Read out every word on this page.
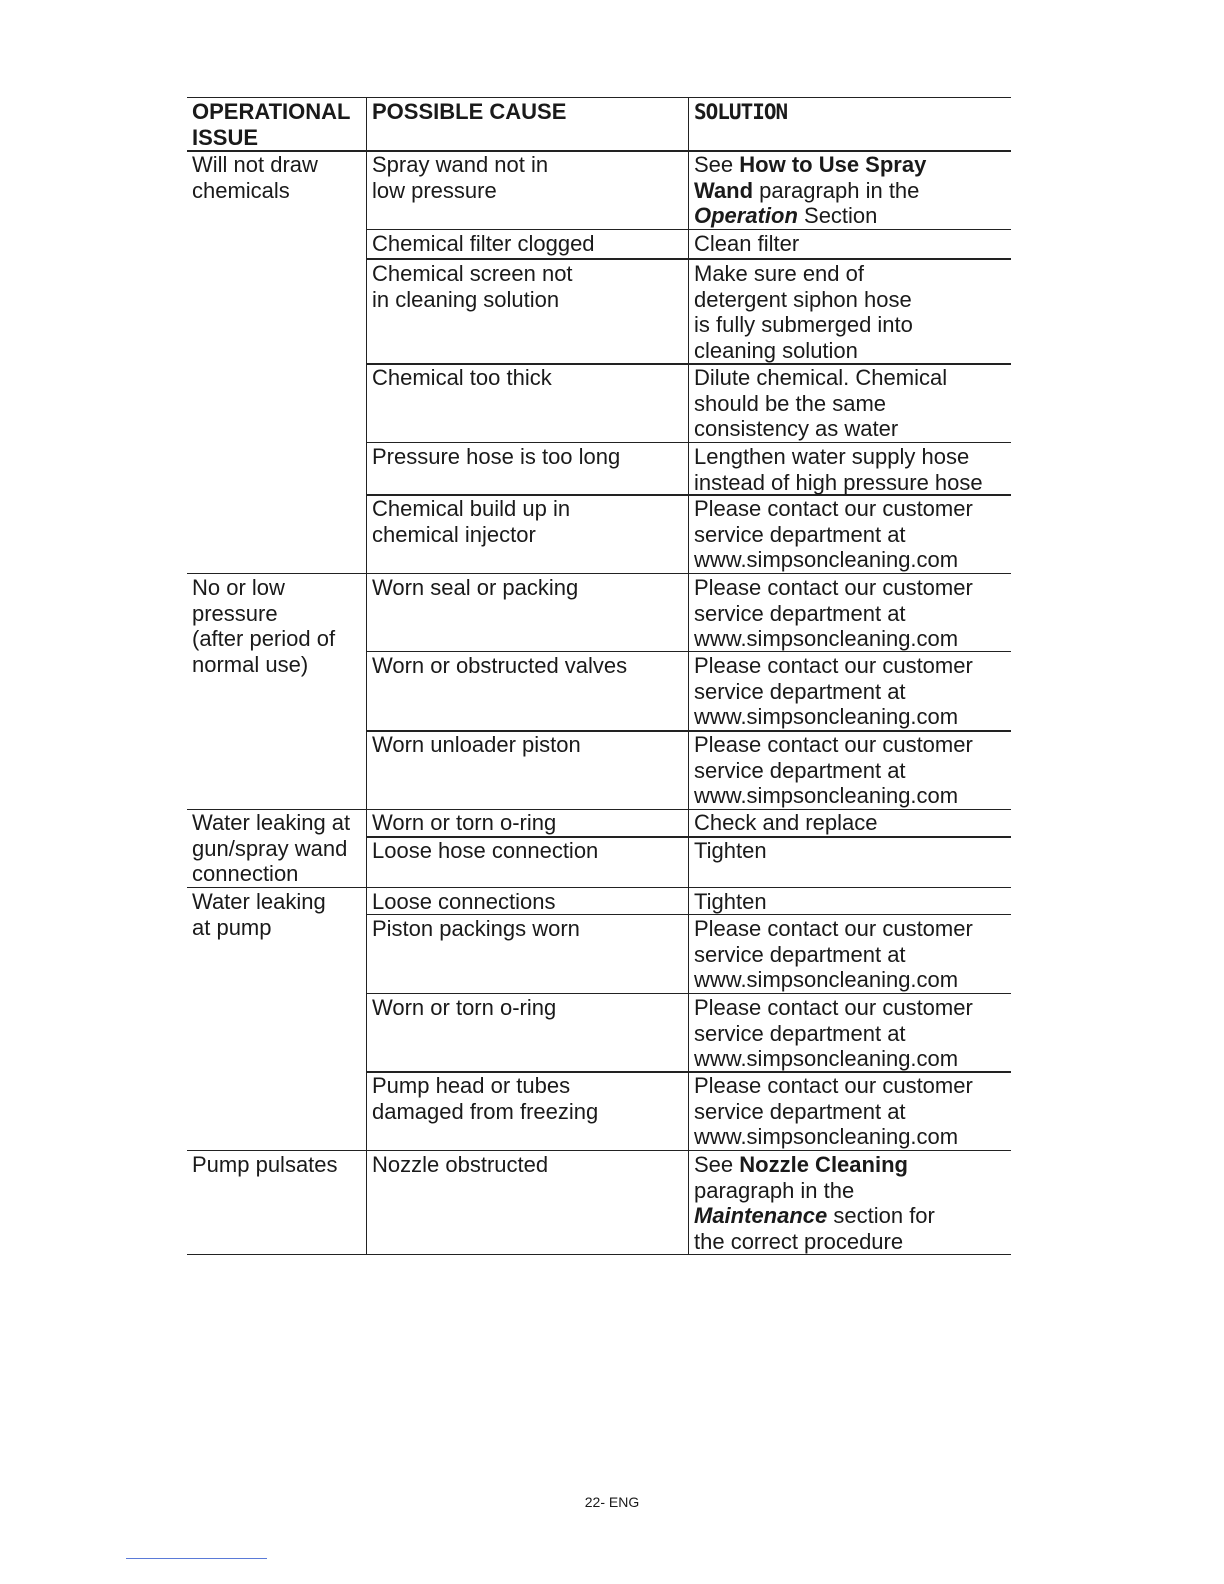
OPERATIONAL
ISSUE
POSSIBLE CAUSE	SOLUTION
Will not draw
chemicals
No or low
pressure
(after period of
normal use)
Water leaking at
gun/spray wand
connection
Water leaking
at pump
Pump pulsates
Spray wand not in
low pressure
Chemical filter clogged
Chemical screen not
in cleaning solution
Chemical too thick
Pressure hose is too long
Chemical build up in
chemical injector
Worn seal or packing
Worn or obstructed valves
Worn unloader piston
Worn or torn o-ring
Loose hose connection
Loose connections
Piston packings worn
Worn or torn o-ring
Pump head or tubes
damaged from freezing
Nozzle obstructed
See How to Use Spray
Wand paragraph in the
Operation Section
Clean filter
Make sure end of
detergent siphon hose
is fully submerged into
cleaning solution
Dilute chemical. Chemical
should be the same
consistency as water
Lengthen water supply hose
instead of high pressure hose
Please contact our customer
service department at
www.simpsoncleaning.com
Please contact our customer
service department at
www.simpsoncleaning.com
Please contact our customer
service department at
www.simpsoncleaning.com
Please contact our customer
service department at
www.simpsoncleaning.com
Check and replace
Tighten
Tighten
Please contact our customer
service department at
www.simpsoncleaning.com
Please contact our customer
service department at
www.simpsoncleaning.com
Please contact our customer
service department at
www.simpsoncleaning.com
See Nozzle Cleaning
paragraph in the
Maintenance section for
the correct procedure
22- ENG
